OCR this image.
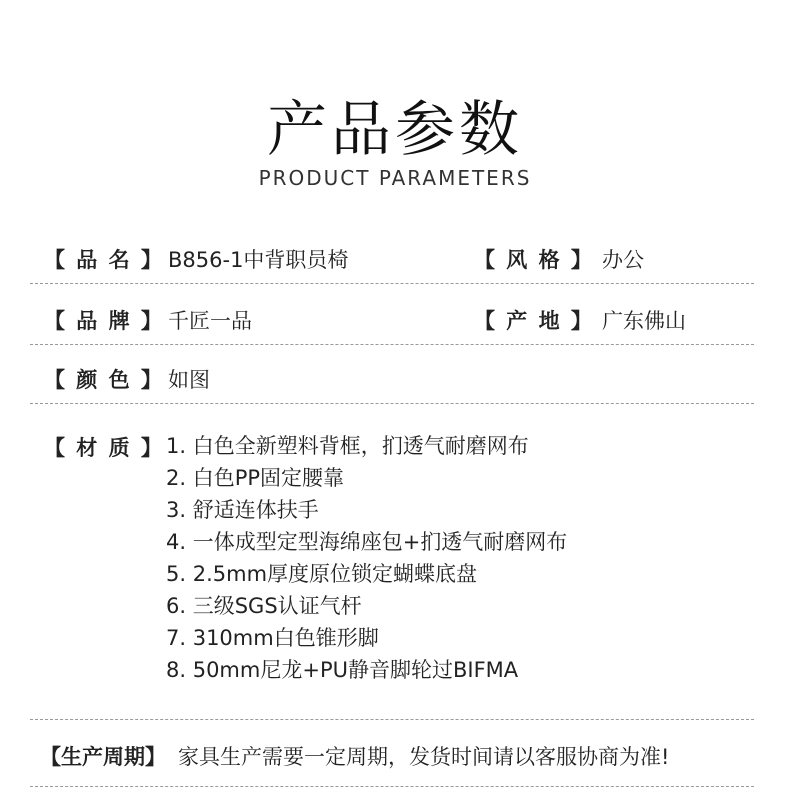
产品参数
PRODUCT PARAMETERS
【 品 名 】 B856-1中背职员椅	【 风 格 】 办公
【 品 牌 】 千匠一品	【 产 地 】 广东佛山
【 颜 色 】 如图
【 材 质 】 1. 白色全新塑料背框，扪透气耐磨网布
2. 白色PP固定腰靠
3. 舒适连体扶手
4. 一体成型定型海绵座包+扪透气耐磨网布
5. 2.5mm厚度原位锁定蝴蝶底盘
6. 三级SGS认证气杆
7. 310mm白色锥形脚
8. 50mm尼龙+PU静音脚轮过BIFMA
【生产周期】 家具生产需要一定周期，发货时间请以客服协商为准!
